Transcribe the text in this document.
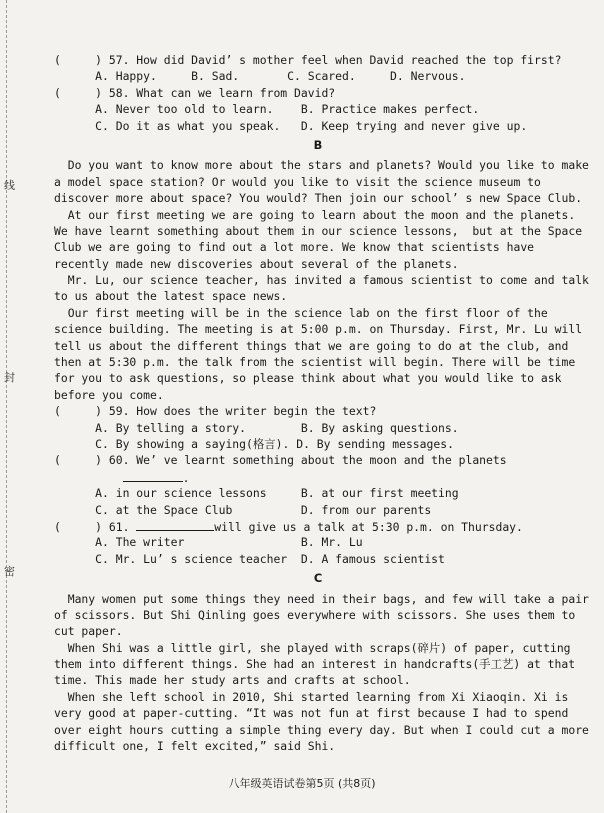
线
封
密
(     ) 57. How did David’ s mother feel when David reached the top first?
A. Happy.     B. Sad.       C. Scared.     D. Nervous.
(     ) 58. What can we learn from David?
A. Never too old to learn.    B. Practice makes perfect.
C. Do it as what you speak.   D. Keep trying and never give up.
B
Do you want to know more about the stars and planets? Would you like to make
a model space station? Or would you like to visit the science museum to
discover more about space? You would? Then join our school’ s new Space Club.
At our first meeting we are going to learn about the moon and the planets.
We have learnt something about them in our science lessons,  but at the Space
Club we are going to find out a lot more. We know that scientists have
recently made new discoveries about several of the planets.
Mr. Lu, our science teacher, has invited a famous scientist to come and talk
to us about the latest space news.
Our first meeting will be in the science lab on the first floor of the
science building. The meeting is at 5:00 p.m. on Thursday. First, Mr. Lu will
tell us about the different things that we are going to do at the club, and
then at 5:30 p.m. the talk from the scientist will begin. There will be time
for you to ask questions, so please think about what you would like to ask
before you come.
(     ) 59. How does the writer begin the text?
A. By telling a story.        B. By asking questions.
C. By showing a saying(格言). D. By sending messages.
(     ) 60. We’ ve learnt something about the moon and the planets
.
A. in our science lessons     B. at our first meeting
C. at the Space Club          D. from our parents
(     ) 61.	will give us a talk at 5:30 p.m. on Thursday.
A. The writer                 B. Mr. Lu
C. Mr. Lu’ s science teacher  D. A famous scientist
C
Many women put some things they need in their bags, and few will take a pair
of scissors. But Shi Qinling goes everywhere with scissors. She uses them to
cut paper.
When Shi was a little girl, she played with scraps(碎片) of paper, cutting
them into different things. She had an interest in handcrafts(手工艺) at that
time. This made her study arts and crafts at school.
When she left school in 2010, Shi started learning from Xi Xiaoqin. Xi is
very good at paper-cutting. “It was not fun at first because I had to spend
over eight hours cutting a simple thing every day. But when I could cut a more
difficult one, I felt excited,” said Shi.
八年级英语试卷第5页 (共8页)
